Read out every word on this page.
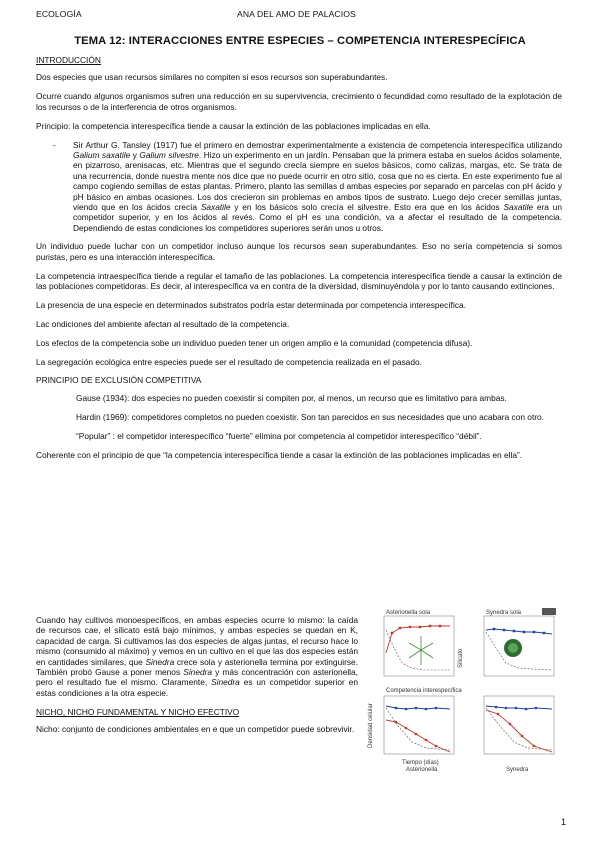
ECOLOGÍA	ANA DEL AMO DE PALACIOS
TEMA 12: INTERACCIONES ENTRE ESPECIES – COMPETENCIA INTERESPECÍFICA
INTRODUCCIÓN

Dos especies que usan recursos similares no compiten si esos recursos son superabundantes.

Ocurre cuando algunos organismos sufren una reducción en su supervivencia, crecimiento o fecundidad como resultado de la explotación de los recursos o de la interferencia de otros organismos.

Principio: la competencia interespecífica tiende a causar la extinción de las poblaciones implicadas en ella.

- Sir Arthur G. Tansley (1917) fue el primero en demostrar experimentalmente a existencia de competencia interespecífica utilizando Galium saxatile y Galium silvestre. Hizo un experimento en un jardín. Pensaban que la primera estaba en suelos ácidos solamente, en pizarroso, arenisacas, etc. Mientras que el segundo crecía siempre en suelos básicos, como calizas, margas, etc. Se trata de una recurrencia, donde nuestra mente nos dice que no puede ocurrir en otro sitio, cosa que no es cierta. En este experimento fue al campo cogiendo semillas de estas plantas. Primero, planto las semillas d ambas especies por separado en parcelas con pH ácido y pH básico en ambas ocasiones. Los dos crecieron sin problemas en ambos tipos de sustrato. Luego dejo crecer semillas juntas, viendo que en los ácidos crecía Saxatile y en los básicos solo crecía el silvestre. Esto era que en los ácidos Saxatile era un competidor superior, y en los ácidos al revés. Como el pH es una condición, va a afectar el resultado de la competencia. Dependiendo de estas condiciones los competidores superiores serán unos u otros.

Un individuo puede luchar con un competidor incluso aunque los recursos sean superabundantes. Eso no sería competencia si somos puristas, pero es una interacción interespecífica.

La competencia intraespecífica tiende a regular el tamaño de las poblaciones. La competencia interespecífica tiende a causar la extinción de las poblaciones competidoras. Es decir, al interespecífica va en contra de la diversidad, disminuyéndola y por lo tanto causando extinciones.

La presencia de una especie en determinados substratos podría estar determinada por competencia interespecífica.

Lac ondiciones del ambiente afectan al resultado de la competencia.

Los efectos de la competencia sobe un individuo pueden tener un origen amplio e la comunidad (competencia difusa).

La segregación ecológica entre especies puede ser el resultado de competencia realizada en el pasado.

PRINCIPIO DE EXCLUSIÓN COMPETITIVA

Gause (1934): dos especies no pueden coexistir si compiten por, al menos, un recurso que es limitativo para ambas.

Hardin (1969): competidores completos no pueden coexistir. Son tan parecidos en sus necesidades que uno acabara con otro.

“Popular” : el competidor interespecífico “fuerte” elimina por competencia al competidor interespecífico “débil”.

Coherente con el principio de que “la competencia interespecífica tiende a casar la extinción de las poblaciones implicadas en ella”.

Cuando hay cultivos monoespecíficos, en ambas especies ocurre lo mismo: la caída de recursos cae, el silicato está bajo mínimos, y ambas especies se quedan en K, capacidad de carga. Si cultivamos las dos especies de algas juntas, el recurso hace lo mismo (consumido al máximo) y vemos en un cultivo en el que las dos especies están en cantidades similares, que Sinedra crece sola y asterionella termina por extinguirse. También probó Gause a poner menos Sinedra y más concentración con asterionella, pero el resultado fue el mismo. Claramente, Sinedra es un competidor superior en estas condiciones a la otra especie.

NICHO, NICHO FUNDAMENTAL Y NICHO EFECTIVO

Nicho: conjunto de condiciones ambientales en e que un competidor puede sobrevivir.

Asterionella sola	Synedra sola
Competencia interespecífica
Tiempo (días)
Asterionella	Synedra
Densidad celular
Silicato
1
